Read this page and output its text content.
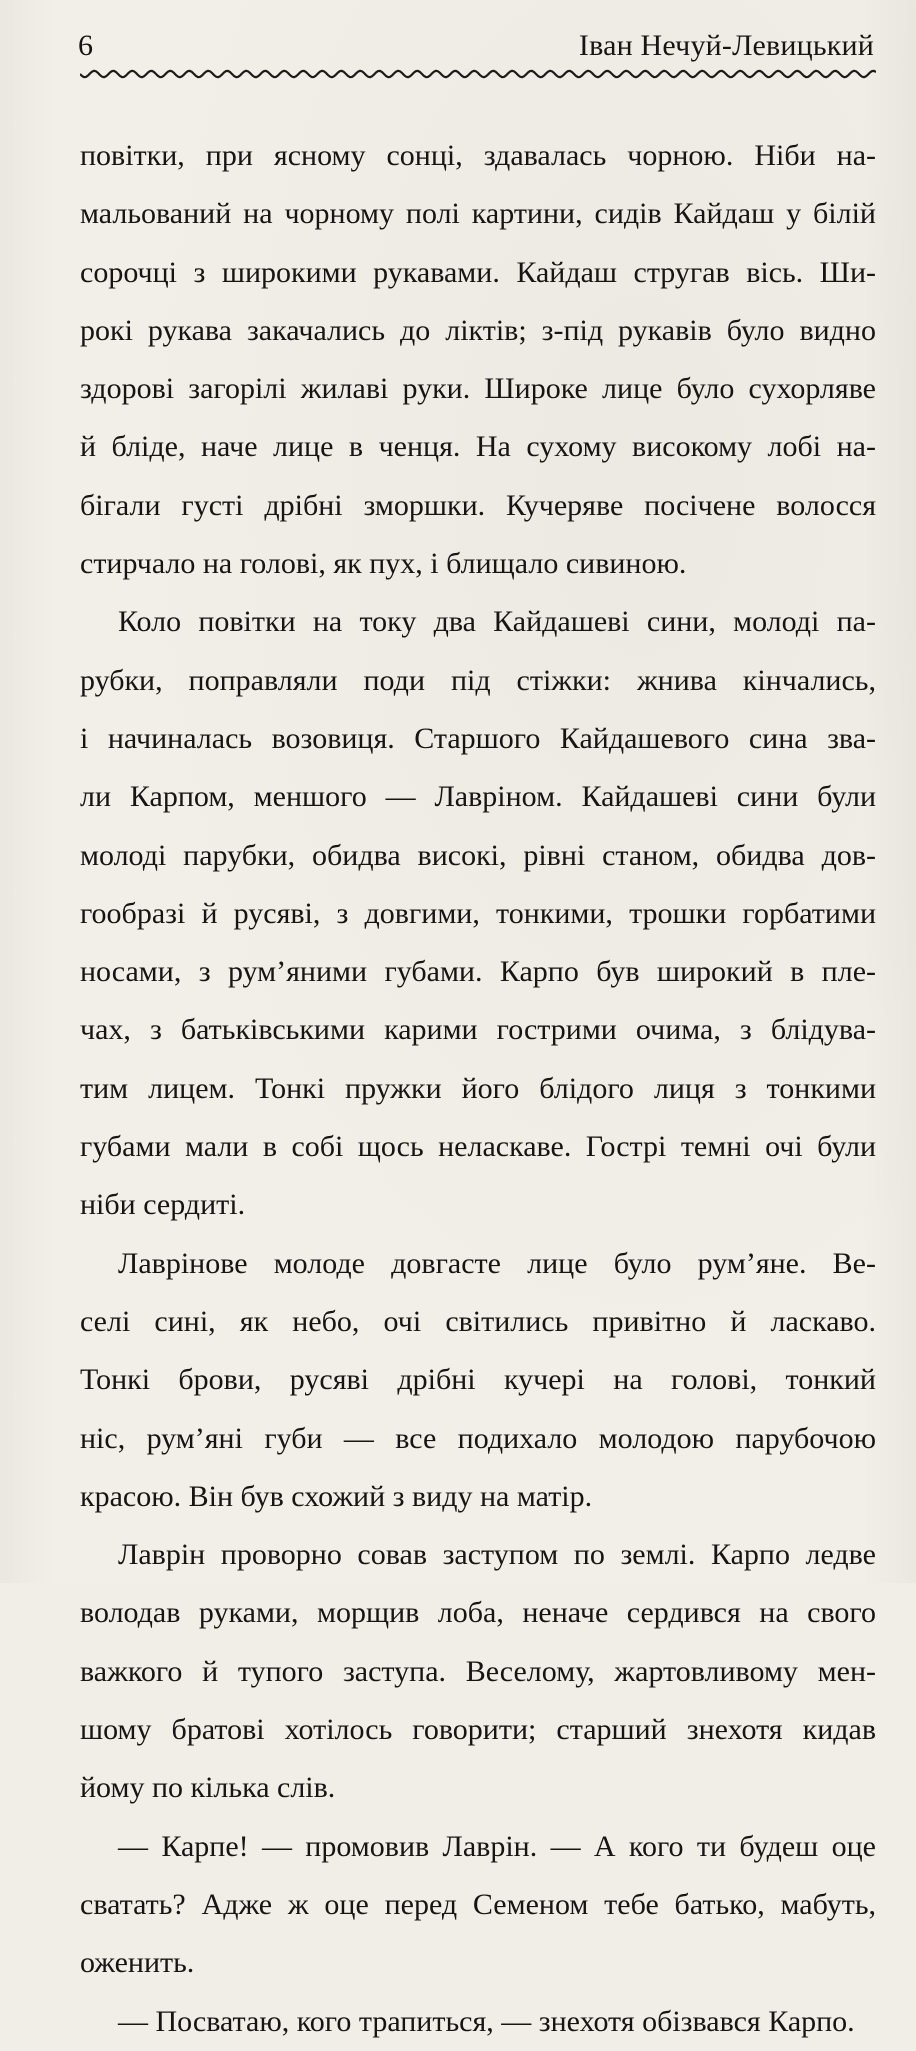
6	Іван Нечуй-Левицький
повітки, при ясному сонці, здавалась чорною. Ніби на-
мальований на чорному полі картини, сидів Кайдаш у білій
сорочці з широкими рукавами. Кайдаш стругав вісь. Ши-
рокі рукава закачались до ліктів; з-під рукавів було видно
здорові загорілі жилаві руки. Широке лице було сухорляве
й бліде, наче лице в ченця. На сухому високому лобі на-
бігали густі дрібні зморшки. Кучеряве посічене волосся
стирчало на голові, як пух, і блищало сивиною.
Коло повітки на току два Кайдашеві сини, молоді па-
рубки, поправляли поди під стіжки: жнива кінчались,
і начиналась возовиця. Старшого Кайдашевого сина зва-
ли Карпом, меншого — Лавріном. Кайдашеві сини були
молоді парубки, обидва високі, рівні станом, обидва дов-
гообразі й русяві, з довгими, тонкими, трошки горбатими
носами, з рум’яними губами. Карпо був широкий в пле-
чах, з батьківськими карими гострими очима, з блідува-
тим лицем. Тонкі пружки його блідого лиця з тонкими
губами мали в собі щось неласкаве. Гострі темні очі були
ніби сердиті.
Лаврінове молоде довгасте лице було рум’яне. Ве-
селі сині, як небо, очі світились привітно й ласкаво.
Тонкі брови, русяві дрібні кучері на голові, тонкий
ніс, рум’яні губи — все подихало молодою парубочою
красою. Він був схожий з виду на матір.
Лаврін проворно совав заступом по землі. Карпо ледве
володав руками, морщив лоба, неначе сердився на свого
важкого й тупого заступа. Веселому, жартовливому мен-
шому братові хотілось говорити; старший знехотя кидав
йому по кілька слів.
— Карпе! — промовив Лаврін. — А кого ти будеш оце
сватать? Адже ж оце перед Семеном тебе батько, мабуть,
оженить.
— Посватаю, кого трапиться, — знехотя обізвався Карпо.
